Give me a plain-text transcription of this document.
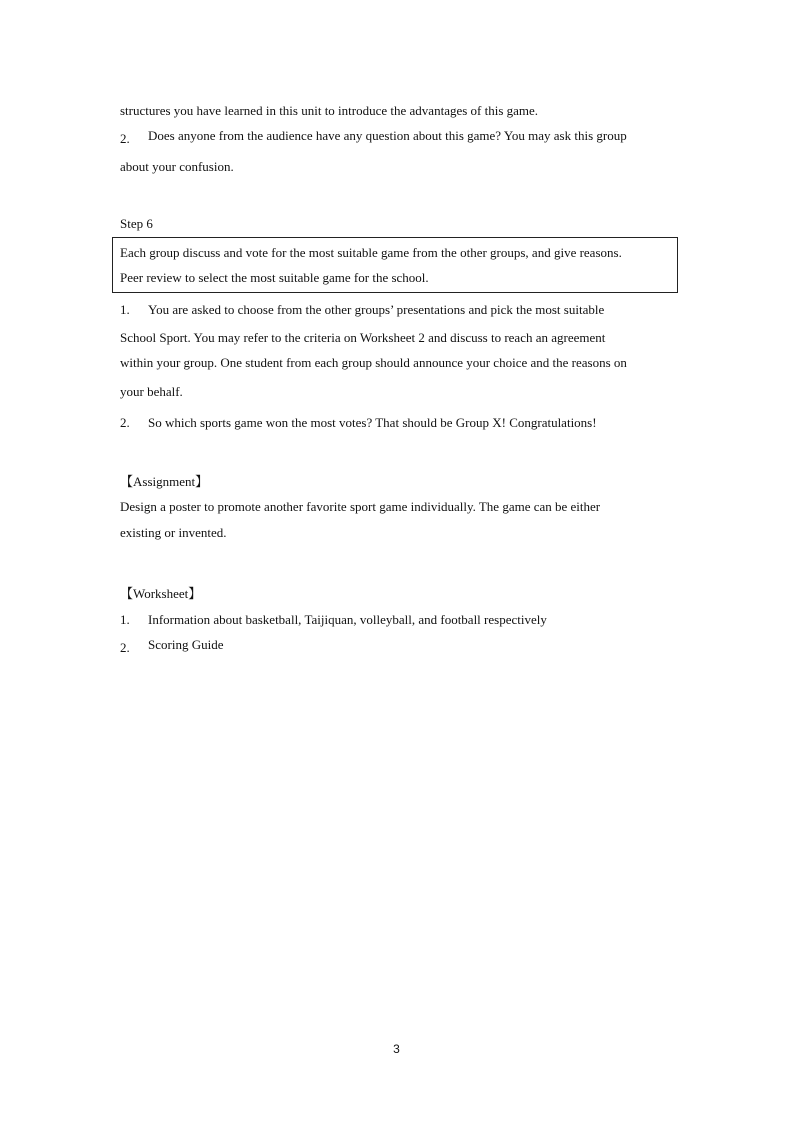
structures you have learned in this unit to introduce the advantages of this game.
2.	Does anyone from the audience have any question about this game? You may ask this group
about your confusion.
Step 6
Each group discuss and vote for the most suitable game from the other groups, and give reasons.
Peer review to select the most suitable game for the school.
1.	You are asked to choose from the other groups’ presentations and pick the most suitable
School Sport. You may refer to the criteria on Worksheet 2 and discuss to reach an agreement
within your group. One student from each group should announce your choice and the reasons on
your behalf.
2.	So which sports game won the most votes? That should be Group X! Congratulations!
【Assignment】
Design a poster to promote another favorite sport game individually. The game can be either
existing or invented.
【Worksheet】
1.	Information about basketball, Taijiquan, volleyball, and football respectively
2.	Scoring Guide
3
